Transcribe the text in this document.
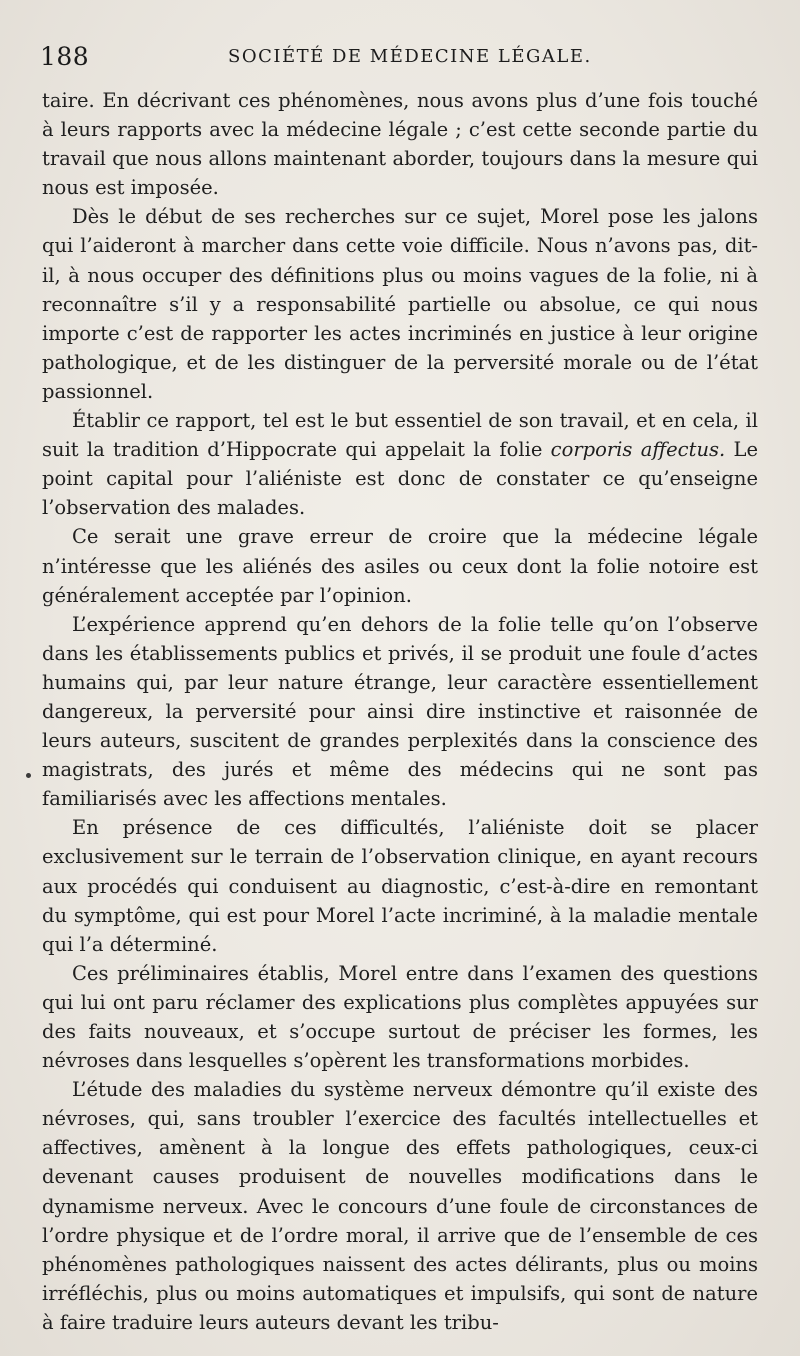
188	SOCIÉTÉ DE MÉDECINE LÉGALE.

taire. En décrivant ces phénomènes, nous avons plus d’une fois touché à leurs rapports avec la médecine légale ; c’est cette seconde partie du travail que nous allons maintenant aborder, toujours dans la mesure qui nous est imposée.

Dès le début de ses recherches sur ce sujet, Morel pose les jalons qui l’aideront à marcher dans cette voie difficile. Nous n’avons pas, dit-il, à nous occuper des définitions plus ou moins vagues de la folie, ni à reconnaître s’il y a responsabilité partielle ou absolue, ce qui nous importe c’est de rapporter les actes incriminés en justice à leur origine pathologique, et de les distinguer de la perversité morale ou de l’état passionnel.

Établir ce rapport, tel est le but essentiel de son travail, et en cela, il suit la tradition d’Hippocrate qui appelait la folie corporis affectus. Le point capital pour l’aliéniste est donc de constater ce qu’enseigne l’observation des malades.

Ce serait une grave erreur de croire que la médecine légale n’intéresse que les aliénés des asiles ou ceux dont la folie notoire est généralement acceptée par l’opinion.

L’expérience apprend qu’en dehors de la folie telle qu’on l’observe dans les établissements publics et privés, il se produit une foule d’actes humains qui, par leur nature étrange, leur caractère essentiellement dangereux, la perversité pour ainsi dire instinctive et raisonnée de leurs auteurs, suscitent de grandes perplexités dans la conscience des magistrats, des jurés et même des médecins qui ne sont pas familiarisés avec les affections mentales.

En présence de ces difficultés, l’aliéniste doit se placer exclusivement sur le terrain de l’observation clinique, en ayant recours aux procédés qui conduisent au diagnostic, c’est-à-dire en remontant du symptôme, qui est pour Morel l’acte incriminé, à la maladie mentale qui l’a déterminé.

Ces préliminaires établis, Morel entre dans l’examen des questions qui lui ont paru réclamer des explications plus complètes appuyées sur des faits nouveaux, et s’occupe surtout de préciser les formes, les névroses dans lesquelles s’opèrent les transformations morbides.

L’étude des maladies du système nerveux démontre qu’il existe des névroses, qui, sans troubler l’exercice des facultés intellectuelles et affectives, amènent à la longue des effets pathologiques, ceux-ci devenant causes produisent de nouvelles modifications dans le dynamisme nerveux. Avec le concours d’une foule de circonstances de l’ordre physique et de l’ordre moral, il arrive que de l’ensemble de ces phénomènes pathologiques naissent des actes délirants, plus ou moins irréfléchis, plus ou moins automatiques et impulsifs, qui sont de nature à faire traduire leurs auteurs devant les tribu-
